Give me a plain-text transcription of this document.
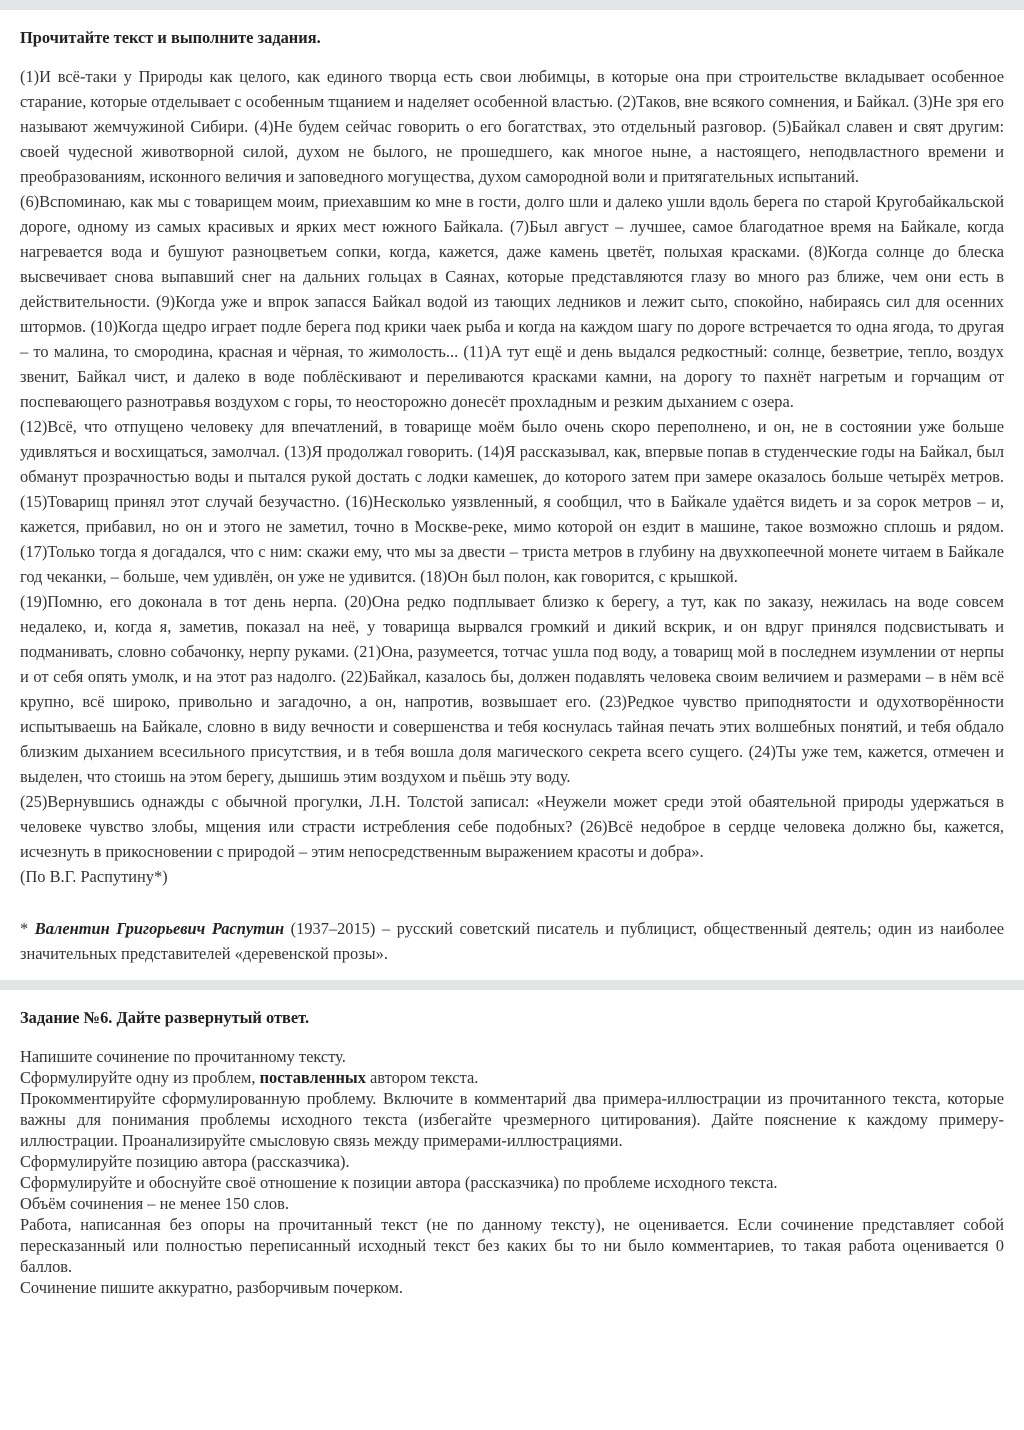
Прочитайте текст и выполните задания.

(1)И всё-таки у Природы как целого, как единого творца есть свои любимцы, в которые она при строительстве вкладывает особенное старание, которые отделывает с особенным тщанием и наделяет особенной властью. (2)Таков, вне всякого сомнения, и Байкал. (3)Не зря его называют жемчужиной Сибири. (4)Не будем сейчас говорить о его богатствах, это отдельный разговор. (5)Байкал славен и свят другим: своей чудесной животворной силой, духом не былого, не прошедшего, как многое ныне, а настоящего, неподвластного времени и преобразованиям, исконного величия и заповедного могущества, духом самородной воли и притягательных испытаний.

(6)Вспоминаю, как мы с товарищем моим, приехавшим ко мне в гости, долго шли и далеко ушли вдоль берега по старой Кругобайкальской дороге, одному из самых красивых и ярких мест южного Байкала. (7)Был август – лучшее, самое благодатное время на Байкале, когда нагревается вода и бушуют разноцветьем сопки, когда, кажется, даже камень цветёт, полыхая красками. (8)Когда солнце до блеска высвечивает снова выпавший снег на дальних гольцах в Саянах, которые представляются глазу во много раз ближе, чем они есть в действительности. (9)Когда уже и впрок запасся Байкал водой из тающих ледников и лежит сыто, спокойно, набираясь сил для осенних штормов. (10)Когда щедро играет подле берега под крики чаек рыба и когда на каждом шагу по дороге встречается то одна ягода, то другая – то малина, то смородина, красная и чёрная, то жимолость... (11)А тут ещё и день выдался редкостный: солнце, безветрие, тепло, воздух звенит, Байкал чист, и далеко в воде поблёскивают и переливаются красками камни, на дорогу то пахнёт нагретым и горчащим от поспевающего разнотравья воздухом с горы, то неосторожно донесёт прохладным и резким дыханием с озера.

(12)Всё, что отпущено человеку для впечатлений, в товарище моём было очень скоро переполнено, и он, не в состоянии уже больше удивляться и восхищаться, замолчал. (13)Я продолжал говорить. (14)Я рассказывал, как, впервые попав в студенческие годы на Байкал, был обманут прозрачностью воды и пытался рукой достать с лодки камешек, до которого затем при замере оказалось больше четырёх метров. (15)Товарищ принял этот случай безучастно. (16)Несколько уязвленный, я сообщил, что в Байкале удаётся видеть и за сорок метров – и, кажется, прибавил, но он и этого не заметил, точно в Москве-реке, мимо которой он ездит в машине, такое возможно сплошь и рядом. (17)Только тогда я догадался, что с ним: скажи ему, что мы за двести – триста метров в глубину на двухкопеечной монете читаем в Байкале год чеканки, – больше, чем удивлён, он уже не удивится. (18)Он был полон, как говорится, с крышкой.

(19)Помню, его доконала в тот день нерпа. (20)Она редко подплывает близко к берегу, а тут, как по заказу, нежилась на воде совсем недалеко, и, когда я, заметив, показал на неё, у товарища вырвался громкий и дикий вскрик, и он вдруг принялся подсвистывать и подманивать, словно собачонку, нерпу руками. (21)Она, разумеется, тотчас ушла под воду, а товарищ мой в последнем изумлении от нерпы и от себя опять умолк, и на этот раз надолго. (22)Байкал, казалось бы, должен подавлять человека своим величием и размерами – в нём всё крупно, всё широко, привольно и загадочно, а он, напротив, возвышает его. (23)Редкое чувство приподнятости и одухотворённости испытываешь на Байкале, словно в виду вечности и совершенства и тебя коснулась тайная печать этих волшебных понятий, и тебя обдало близким дыханием всесильного присутствия, и в тебя вошла доля магического секрета всего сущего. (24)Ты уже тем, кажется, отмечен и выделен, что стоишь на этом берегу, дышишь этим воздухом и пьёшь эту воду.

(25)Вернувшись однажды с обычной прогулки, Л.Н. Толстой записал: «Неужели может среди этой обаятельной природы удержаться в человеке чувство злобы, мщения или страсти истребления себе подобных? (26)Всё недоброе в сердце человека должно бы, кажется, исчезнуть в прикосновении с природой – этим непосредственным выражением красоты и добра».

(По В.Г. Распутину*)

* Валентин Григорьевич Распутин (1937–2015) – русский советский писатель и публицист, общественный деятель; один из наиболее значительных представителей «деревенской прозы».

Задание №6. Дайте развернутый ответ.

Напишите сочинение по прочитанному тексту.

Сформулируйте одну из проблем, поставленных автором текста.

Прокомментируйте сформулированную проблему. Включите в комментарий два примера-иллюстрации из прочитанного текста, которые важны для понимания проблемы исходного текста (избегайте чрезмерного цитирования). Дайте пояснение к каждому примеру-иллюстрации. Проанализируйте смысловую связь между примерами-иллюстрациями.

Сформулируйте позицию автора (рассказчика).

Сформулируйте и обоснуйте своё отношение к позиции автора (рассказчика) по проблеме исходного текста.

Объём сочинения – не менее 150 слов.

Работа, написанная без опоры на прочитанный текст (не по данному тексту), не оценивается. Если сочинение представляет собой пересказанный или полностью переписанный исходный текст без каких бы то ни было комментариев, то такая работа оценивается 0 баллов.

Сочинение пишите аккуратно, разборчивым почерком.
